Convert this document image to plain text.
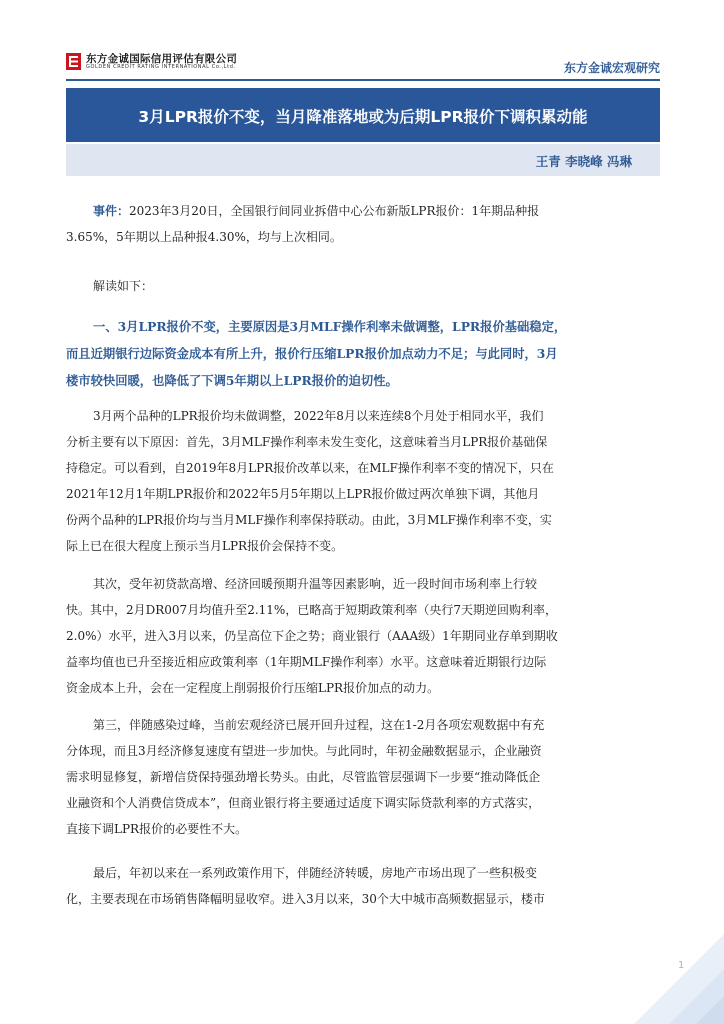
东方金诚国际信用评估有限公司
GOLDEN CREDIT RATING INTERNATIONAL Co.,Ltd.	东方金诚宏观研究
3月LPR报价不变，当月降准落地或为后期LPR报价下调积累动能
王青 李晓峰 冯琳
事件：2023年3月20日，全国银行间同业拆借中心公布新版LPR报价：1年期品种报
3.65%，5年期以上品种报4.30%，均与上次相同。
解读如下：
一、3月LPR报价不变，主要原因是3月MLF操作利率未做调整，LPR报价基础稳定，
而且近期银行边际资金成本有所上升，报价行压缩LPR报价加点动力不足；与此同时，3月
楼市较快回暖，也降低了下调5年期以上LPR报价的迫切性。
3月两个品种的LPR报价均未做调整，2022年8月以来连续8个月处于相同水平，我们
分析主要有以下原因：首先，3月MLF操作利率未发生变化，这意味着当月LPR报价基础保
持稳定。可以看到，自2019年8月LPR报价改革以来，在MLF操作利率不变的情况下，只在
2021年12月1年期LPR报价和2022年5月5年期以上LPR报价做过两次单独下调，其他月
份两个品种的LPR报价均与当月MLF操作利率保持联动。由此，3月MLF操作利率不变，实
际上已在很大程度上预示当月LPR报价会保持不变。
其次，受年初贷款高增、经济回暖预期升温等因素影响，近一段时间市场利率上行较
快。其中，2月DR007月均值升至2.11%，已略高于短期政策利率（央行7天期逆回购利率，
2.0%）水平，进入3月以来，仍呈高位下企之势；商业银行（AAA级）1年期同业存单到期收
益率均值也已升至接近相应政策利率（1年期MLF操作利率）水平。这意味着近期银行边际
资金成本上升，会在一定程度上削弱报价行压缩LPR报价加点的动力。
第三，伴随感染过峰，当前宏观经济已展开回升过程，这在1-2月各项宏观数据中有充
分体现，而且3月经济修复速度有望进一步加快。与此同时，年初金融数据显示，企业融资
需求明显修复，新增信贷保持强劲增长势头。由此，尽管监管层强调下一步要“推动降低企
业融资和个人消费信贷成本”，但商业银行将主要通过适度下调实际贷款利率的方式落实，
直接下调LPR报价的必要性不大。
最后，年初以来在一系列政策作用下，伴随经济转暖，房地产市场出现了一些积极变
化，主要表现在市场销售降幅明显收窄。进入3月以来，30个大中城市高频数据显示，楼市
1
